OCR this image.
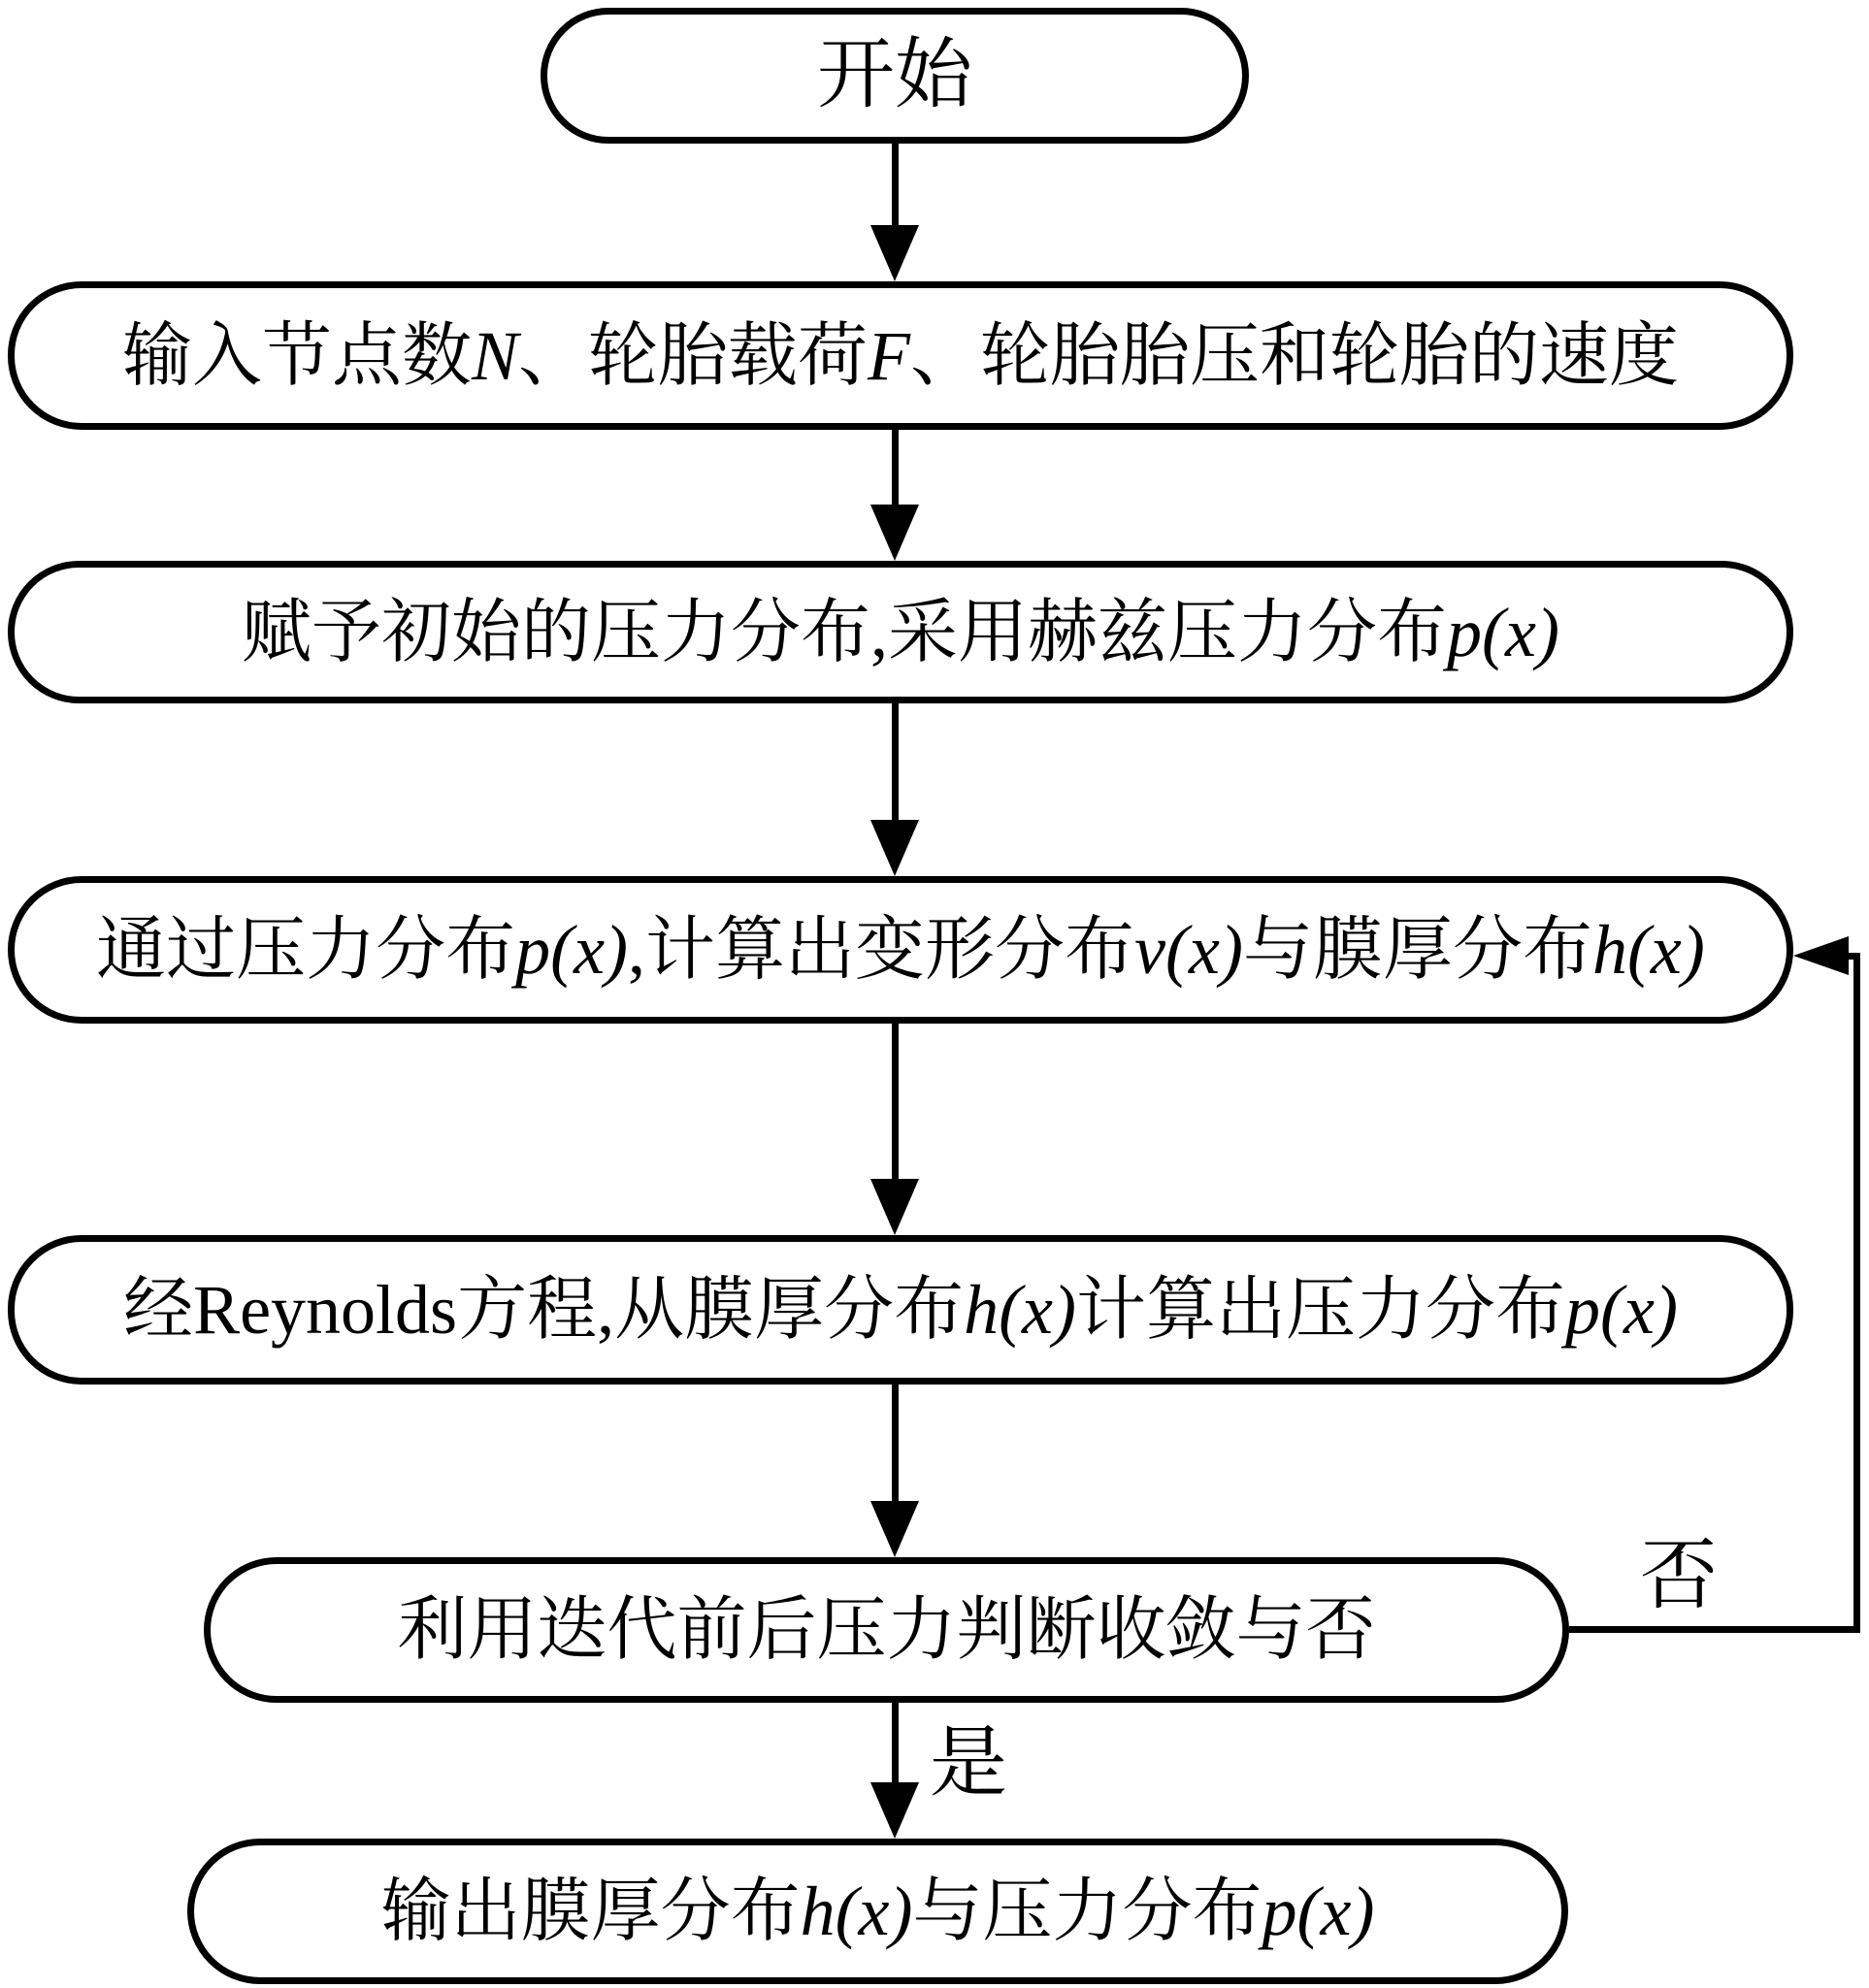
开始
输入节点数N、轮胎载荷F、轮胎胎压和轮胎的速度
赋予初始的压力分布,采用赫兹压力分布p(x)
通过压力分布p(x),计算出变形分布v(x)与膜厚分布h(x)
经Reynolds方程,从膜厚分布h(x)计算出压力分布p(x)
利用迭代前后压力判断收敛与否
否
是
输出膜厚分布h(x)与压力分布p(x)
